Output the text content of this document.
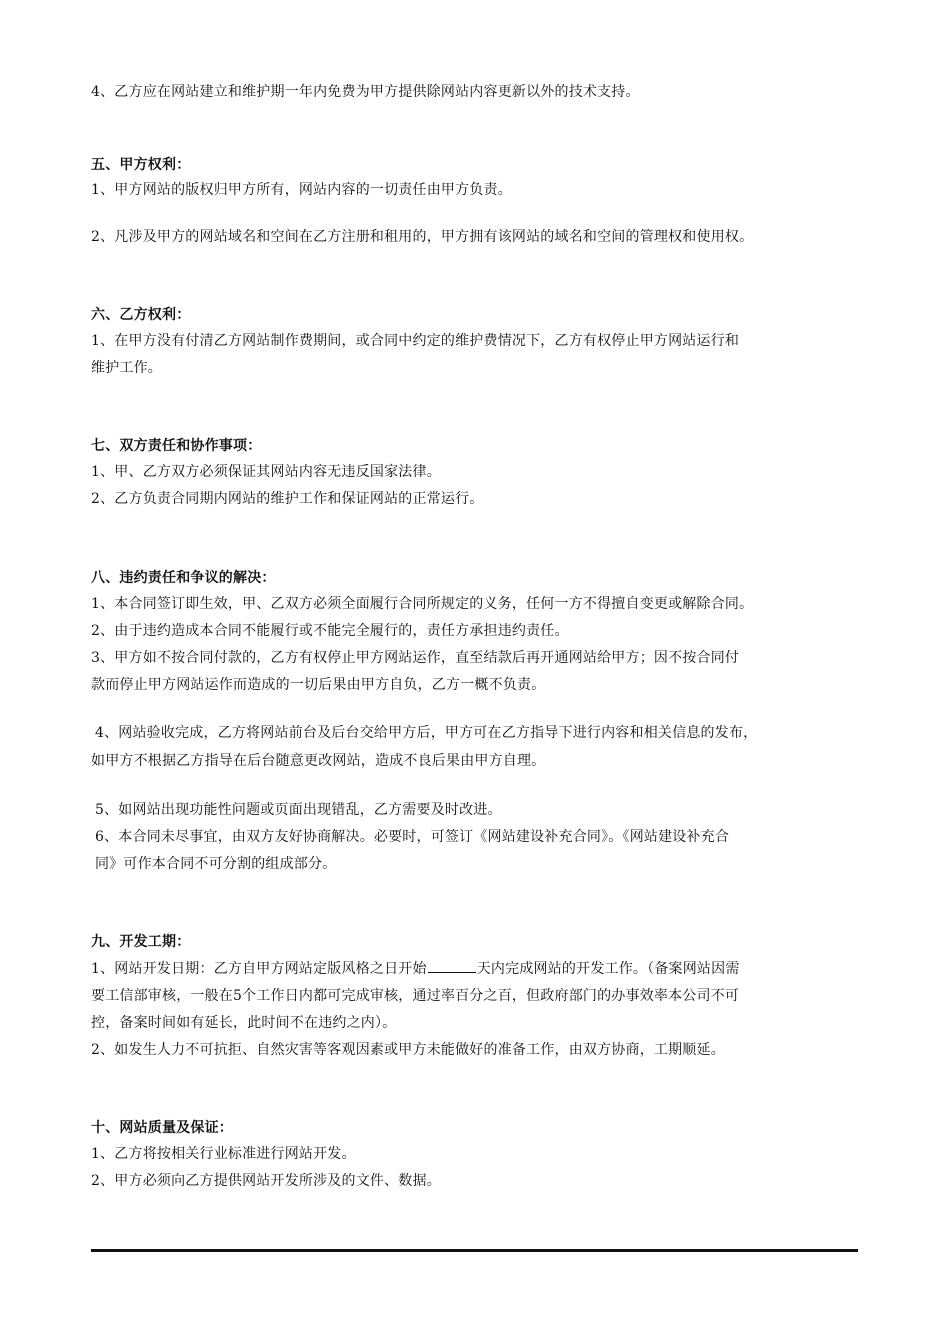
4、乙方应在网站建立和维护期一年内免费为甲方提供除网站内容更新以外的技术支持。
五、甲方权利：
1、甲方网站的版权归甲方所有，网站内容的一切责任由甲方负责。
2、凡涉及甲方的网站域名和空间在乙方注册和租用的，甲方拥有该网站的域名和空间的管理权和使用权。
六、乙方权利：
1、在甲方没有付清乙方网站制作费期间，或合同中约定的维护费情况下，乙方有权停止甲方网站运行和
维护工作。
七、双方责任和协作事项：
1、甲、乙方双方必须保证其网站内容无违反国家法律。
2、乙方负责合同期内网站的维护工作和保证网站的正常运行。
八、违约责任和争议的解决：
1、本合同签订即生效，甲、乙双方必须全面履行合同所规定的义务，任何一方不得擅自变更或解除合同。
2、由于违约造成本合同不能履行或不能完全履行的，责任方承担违约责任。
3、甲方如不按合同付款的，乙方有权停止甲方网站运作，直至结款后再开通网站给甲方；因不按合同付
款而停止甲方网站运作而造成的一切后果由甲方自负，乙方一概不负责。
4、网站验收完成，乙方将网站前台及后台交给甲方后，甲方可在乙方指导下进行内容和相关信息的发布，
如甲方不根据乙方指导在后台随意更改网站，造成不良后果由甲方自理。
5、如网站出现功能性问题或页面出现错乱，乙方需要及时改进。
6、本合同未尽事宜，由双方友好协商解决。必要时，可签订《网站建设补充合同》。《网站建设补充合
同》可作本合同不可分割的组成部分。
九、开发工期：
1、网站开发日期：乙方自甲方网站定版风格之日开始	天内完成网站的开发工作。（备案网站因需
要工信部审核，一般在5个工作日内都可完成审核，通过率百分之百，但政府部门的办事效率本公司不可
控，备案时间如有延长，此时间不在违约之内）。
2、如发生人力不可抗拒、自然灾害等客观因素或甲方未能做好的准备工作，由双方协商，工期顺延。
十、网站质量及保证：
1、乙方将按相关行业标准进行网站开发。
2、甲方必须向乙方提供网站开发所涉及的文件、数据。
